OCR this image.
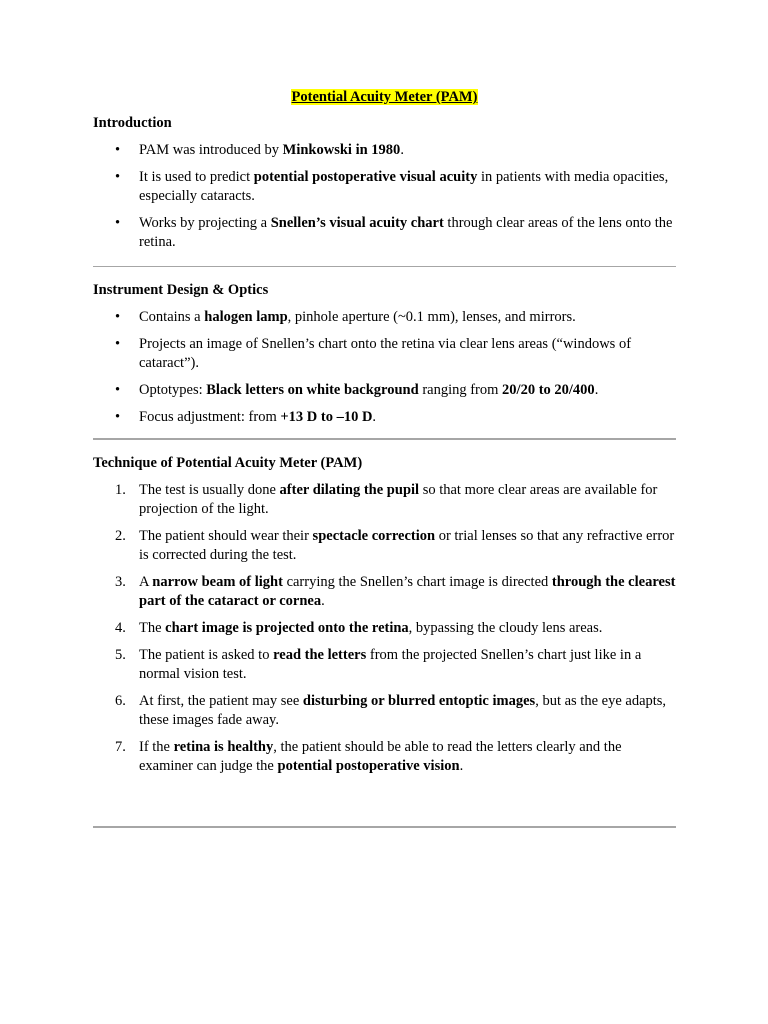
Potential Acuity Meter (PAM)
Introduction
• PAM was introduced by Minkowski in 1980.
• It is used to predict potential postoperative visual acuity in patients with media opacities, especially cataracts.
• Works by projecting a Snellen’s visual acuity chart through clear areas of the lens onto the retina.
Instrument Design & Optics
• Contains a halogen lamp, pinhole aperture (~0.1 mm), lenses, and mirrors.
• Projects an image of Snellen’s chart onto the retina via clear lens areas (“windows of cataract”).
• Optotypes: Black letters on white background ranging from 20/20 to 20/400.
• Focus adjustment: from +13 D to –10 D.
Technique of Potential Acuity Meter (PAM)
1. The test is usually done after dilating the pupil so that more clear areas are available for projection of the light.
2. The patient should wear their spectacle correction or trial lenses so that any refractive error is corrected during the test.
3. A narrow beam of light carrying the Snellen’s chart image is directed through the clearest part of the cataract or cornea.
4. The chart image is projected onto the retina, bypassing the cloudy lens areas.
5. The patient is asked to read the letters from the projected Snellen’s chart just like in a normal vision test.
6. At first, the patient may see disturbing or blurred entoptic images, but as the eye adapts, these images fade away.
7. If the retina is healthy, the patient should be able to read the letters clearly and the examiner can judge the potential postoperative vision.
